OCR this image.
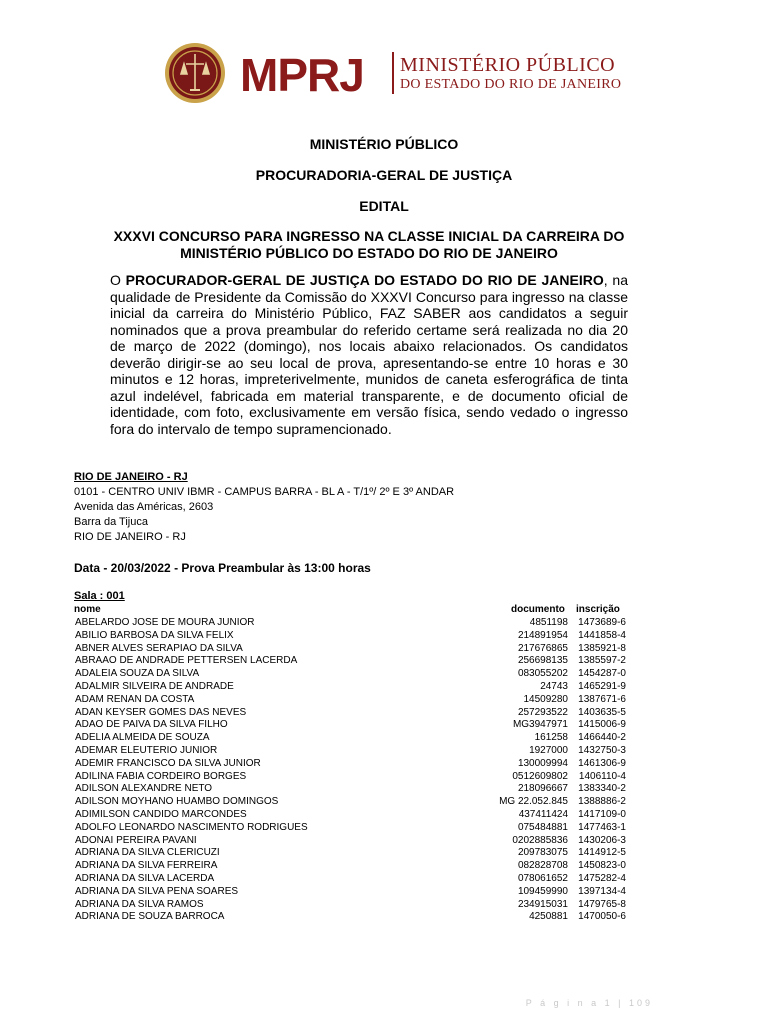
MPRJ MINISTÉRIO PÚBLICO
DO ESTADO DO RIO DE JANEIRO
MINISTÉRIO PÚBLICO
PROCURADORIA-GERAL DE JUSTIÇA
EDITAL
XXXVI CONCURSO PARA INGRESSO NA CLASSE INICIAL DA CARREIRA DO MINISTÉRIO PÚBLICO DO ESTADO DO RIO DE JANEIRO
O PROCURADOR-GERAL DE JUSTIÇA DO ESTADO DO RIO DE JANEIRO, na qualidade de Presidente da Comissão do XXXVI Concurso para ingresso na classe inicial da carreira do Ministério Público, FAZ SABER aos candidatos a seguir nominados que a prova preambular do referido certame será realizada no dia 20 de março de 2022 (domingo), nos locais abaixo relacionados. Os candidatos deverão dirigir-se ao seu local de prova, apresentando-se entre 10 horas e 30 minutos e 12 horas, impreterivelmente, munidos de caneta esferográfica de tinta azul indelével, fabricada em material transparente, e de documento oficial de identidade, com foto, exclusivamente em versão física, sendo vedado o ingresso fora do intervalo de tempo supramencionado.
RIO DE JANEIRO - RJ
0101 - CENTRO UNIV IBMR - CAMPUS BARRA - BL A - T/1º/ 2º E 3º ANDAR
Avenida das Américas, 2603
Barra da Tijuca
RIO DE JANEIRO - RJ
Data - 20/03/2022 - Prova Preambular às 13:00 horas
Sala : 001
nome	documento inscrição
ABELARDO JOSE DE MOURA JUNIOR	4851198 1473689-6
ABILIO BARBOSA DA SILVA FELIX	214891954 1441858-4
ABNER ALVES SERAPIAO DA SILVA	217676865 1385921-8
ABRAAO DE ANDRADE PETTERSEN LACERDA	256698135 1385597-2
ADALEIA SOUZA DA SILVA	083055202 1454287-0
ADALMIR SILVEIRA DE ANDRADE	24743 1465291-9
ADAM RENAN DA COSTA	14509280 1387671-6
ADAN KEYSER GOMES DAS NEVES	257293522 1403635-5
ADAO DE PAIVA DA SILVA FILHO	MG3947971 1415006-9
ADELIA ALMEIDA DE SOUZA	161258 1466440-2
ADEMAR ELEUTERIO JUNIOR	1927000 1432750-3
ADEMIR FRANCISCO DA SILVA JUNIOR	130009994 1461306-9
ADILINA FABIA CORDEIRO BORGES	0512609802 1406110-4
ADILSON ALEXANDRE NETO	218096667 1383340-2
ADILSON MOYHANO HUAMBO DOMINGOS	MG 22.052.845 1388886-2
ADIMILSON CANDIDO MARCONDES	437411424 1417109-0
ADOLFO LEONARDO NASCIMENTO RODRIGUES	075484881 1477463-1
ADONAI PEREIRA PAVANI	0202885836 1430206-3
ADRIANA DA SILVA CLERICUZI	209783075 1414912-5
ADRIANA DA SILVA FERREIRA	082828708 1450823-0
ADRIANA DA SILVA LACERDA	078061652 1475282-4
ADRIANA DA SILVA PENA SOARES	109459990 1397134-4
ADRIANA DA SILVA RAMOS	234915031 1479765-8
ADRIANA DE SOUZA BARROCA	4250881 1470050-6
P á g i n a 1 | 109
